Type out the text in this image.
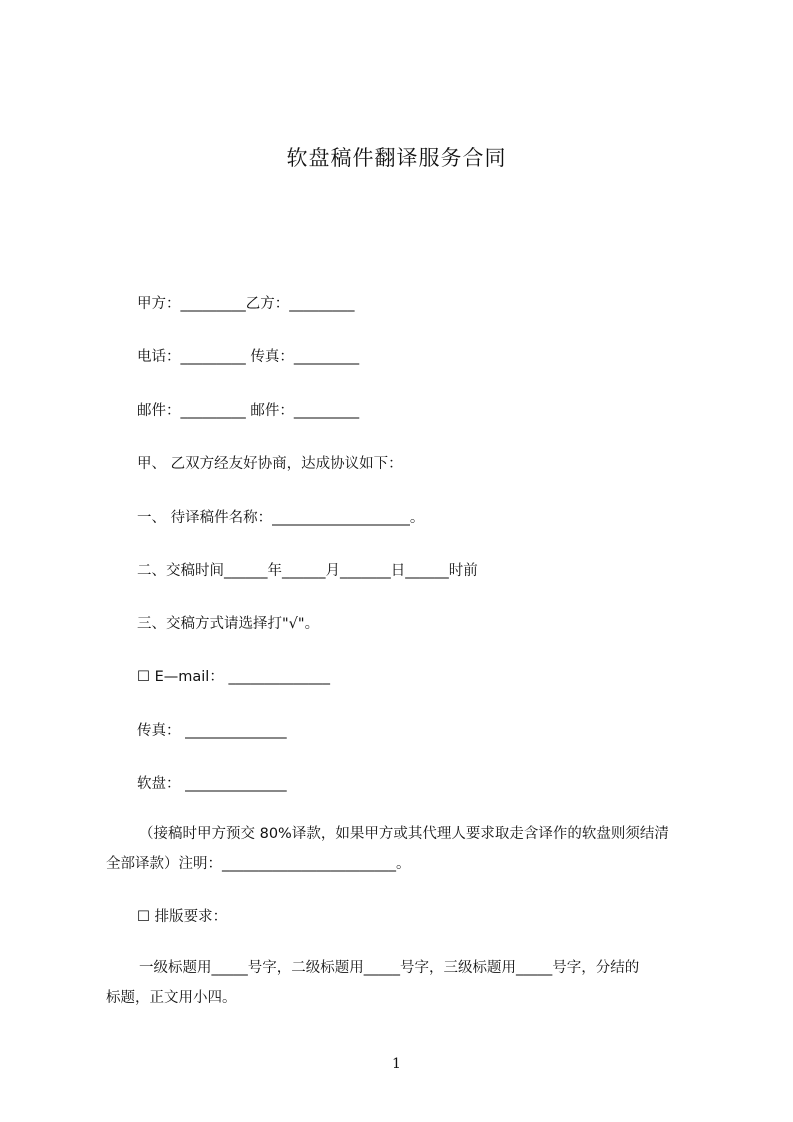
软盘稿件翻译服务合同
甲方：_________乙方：_________
电话：_________ 传真：_________
邮件：_________ 邮件：_________
甲、 乙双方经友好协商，达成协议如下：
一、 待译稿件名称：___________________。
二、交稿时间______年______月_______日______时前
三、交稿方式请选择打"√"。
☐ E—mail： ______________
传真： ______________
软盘： ______________
（接稿时甲方预交 80%译款，如果甲方或其代理人要求取走含译作的软盘则须结清
全部译款）注明：________________________。
☐ 排版要求：
一级标题用_____号字，二级标题用_____号字，三级标题用_____号字，分结的
标题，正文用小四。
1
